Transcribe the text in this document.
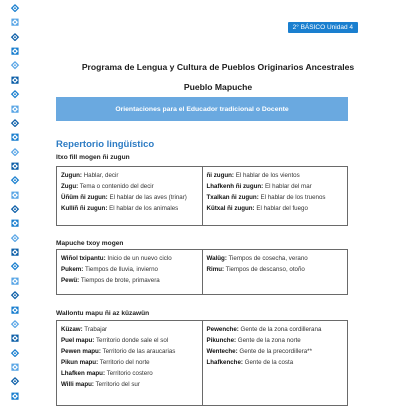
2° BÁSICO Unidad 4
Programa de Lengua y Cultura de Pueblos Originarios Ancestrales
Pueblo Mapuche
Orientaciones para el Educador tradicional o Docente
Repertorio lingüístico
Itxo fill mogen ñi zugun
Zugun: Hablar, decir
Zugu: Tema o contenido del decir
Üñüm ñi zugun: El hablar de las aves (trinar)
Kullíñ ñi zugun: El hablar de los animales
ñi zugun: El hablar de los vientos
Lhafkenh ñi zugun: El hablar del mar
Txalkan ñi zugun: El hablar de los truenos
Kütxal ñi zugun: El hablar del fuego
Mapuche txoy mogen
Wiñol txipantu: Inicio de un nuevo ciclo
Pukem: Tiempos de lluvia, invierno
Pewü: Tiempos de brote, primavera
Walüg: Tiempos de cosecha, verano
Rimu: Tiempos de descanso, otoño
Wallontu mapu ñi az küzawün
Küzaw: Trabajar
Puel mapu: Territorio donde sale el sol
Pewen mapu: Territorio de las araucarias
Pikun mapu: Territorio del norte
Lhafken mapu: Territorio costero
Willi mapu: Territorio del sur
Pewenche: Gente de la zona cordillerana
Pikunche: Gente de la zona norte
Wenteche: Gente de la precordillera**
Lhafkenche: Gente de la costa
